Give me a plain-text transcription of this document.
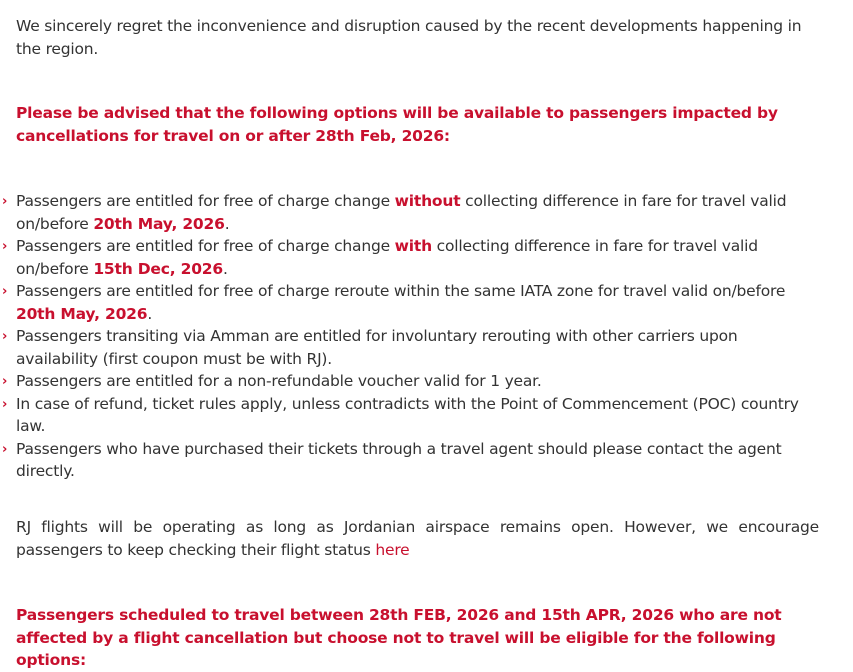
We sincerely regret the inconvenience and disruption caused by the recent developments happening in the region.

Please be advised that the following options will be available to passengers impacted by cancellations for travel on or after 28th Feb, 2026:

› Passengers are entitled for free of charge change without collecting difference in fare for travel valid on/before 20th May, 2026.
› Passengers are entitled for free of charge change with collecting difference in fare for travel valid on/before 15th Dec, 2026.
› Passengers are entitled for free of charge reroute within the same IATA zone for travel valid on/before 20th May, 2026.
› Passengers transiting via Amman are entitled for involuntary rerouting with other carriers upon availability (first coupon must be with RJ).
› Passengers are entitled for a non-refundable voucher valid for 1 year.
› In case of refund, ticket rules apply, unless contradicts with the Point of Commencement (POC) country law.
› Passengers who have purchased their tickets through a travel agent should please contact the agent directly.

RJ flights will be operating as long as Jordanian airspace remains open. However, we encourage passengers to keep checking their flight status here

Passengers scheduled to travel between 28th FEB, 2026 and 15th APR, 2026 who are not affected by a flight cancellation but choose not to travel will be eligible for the following options:
